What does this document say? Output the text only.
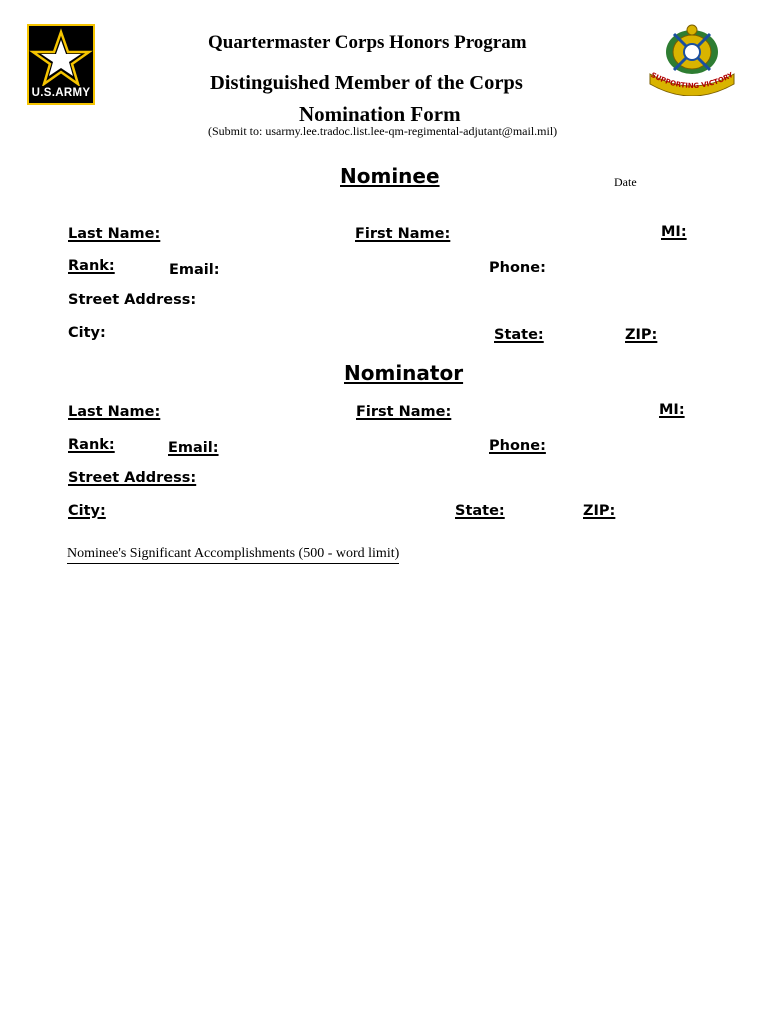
U.S.ARMY
SUPPORTING VICTORY
Quartermaster Corps Honors Program
Distinguished Member of the Corps
Nomination Form
(Submit to: usarmy.lee.tradoc.list.lee-qm-regimental-adjutant@mail.mil)
Nominee	Date
Last Name:	First Name:	MI:
Rank:	Email:	Phone:
Street Address:
City:	State:	ZIP:
Nominator
Last Name:	First Name:	MI:
Rank:	Email:	Phone:
Street Address:
City:	State:	ZIP:
Nominee's Significant Accomplishments (500 - word limit)
